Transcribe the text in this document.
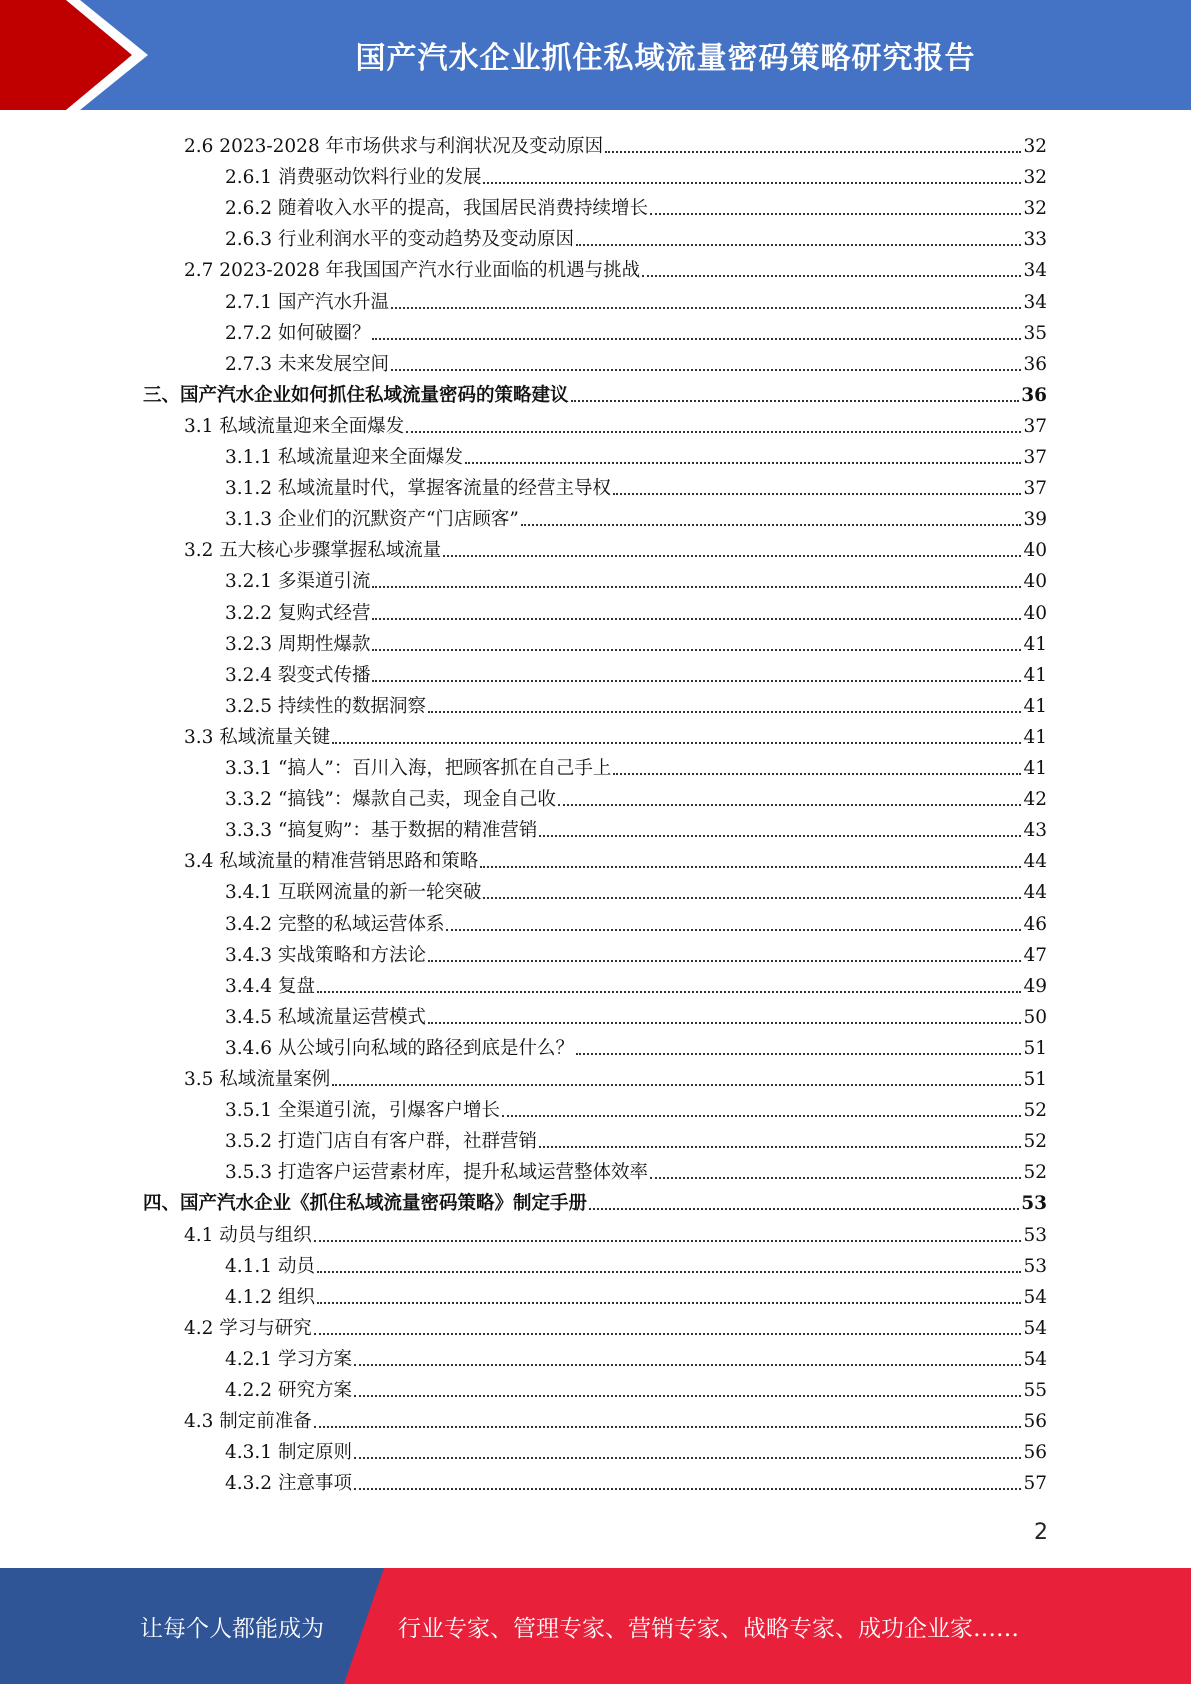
国产汽水企业抓住私域流量密码策略研究报告
2.6 2023-2028 年市场供求与利润状况及变动原因	32
2.6.1 消费驱动饮料行业的发展	32
2.6.2 随着收入水平的提高，我国居民消费持续增长	32
2.6.3 行业利润水平的变动趋势及变动原因	33
2.7 2023-2028 年我国国产汽水行业面临的机遇与挑战	34
2.7.1 国产汽水升温	34
2.7.2 如何破圈？	35
2.7.3 未来发展空间	36
三、国产汽水企业如何抓住私域流量密码的策略建议	36
3.1 私域流量迎来全面爆发	37
3.1.1 私域流量迎来全面爆发	37
3.1.2 私域流量时代，掌握客流量的经营主导权	37
3.1.3 企业们的沉默资产“门店顾客”	39
3.2 五大核心步骤掌握私域流量	40
3.2.1 多渠道引流	40
3.2.2 复购式经营	40
3.2.3 周期性爆款	41
3.2.4 裂变式传播	41
3.2.5 持续性的数据洞察	41
3.3 私域流量关键	41
3.3.1 “搞人”：百川入海，把顾客抓在自己手上	41
3.3.2 “搞钱”：爆款自己卖，现金自己收	42
3.3.3 “搞复购”：基于数据的精准营销	43
3.4 私域流量的精准营销思路和策略	44
3.4.1 互联网流量的新一轮突破	44
3.4.2 完整的私域运营体系	46
3.4.3 实战策略和方法论	47
3.4.4 复盘	49
3.4.5 私域流量运营模式	50
3.4.6 从公域引向私域的路径到底是什么？	51
3.5 私域流量案例	51
3.5.1 全渠道引流，引爆客户增长	52
3.5.2 打造门店自有客户群，社群营销	52
3.5.3 打造客户运营素材库，提升私域运营整体效率	52
四、国产汽水企业《抓住私域流量密码策略》制定手册	53
4.1 动员与组织	53
4.1.1 动员	53
4.1.2 组织	54
4.2 学习与研究	54
4.2.1 学习方案	54
4.2.2 研究方案	55
4.3 制定前准备	56
4.3.1 制定原则	56
4.3.2 注意事项	57
2
让每个人都能成为	行业专家、管理专家、营销专家、战略专家、成功企业家……
